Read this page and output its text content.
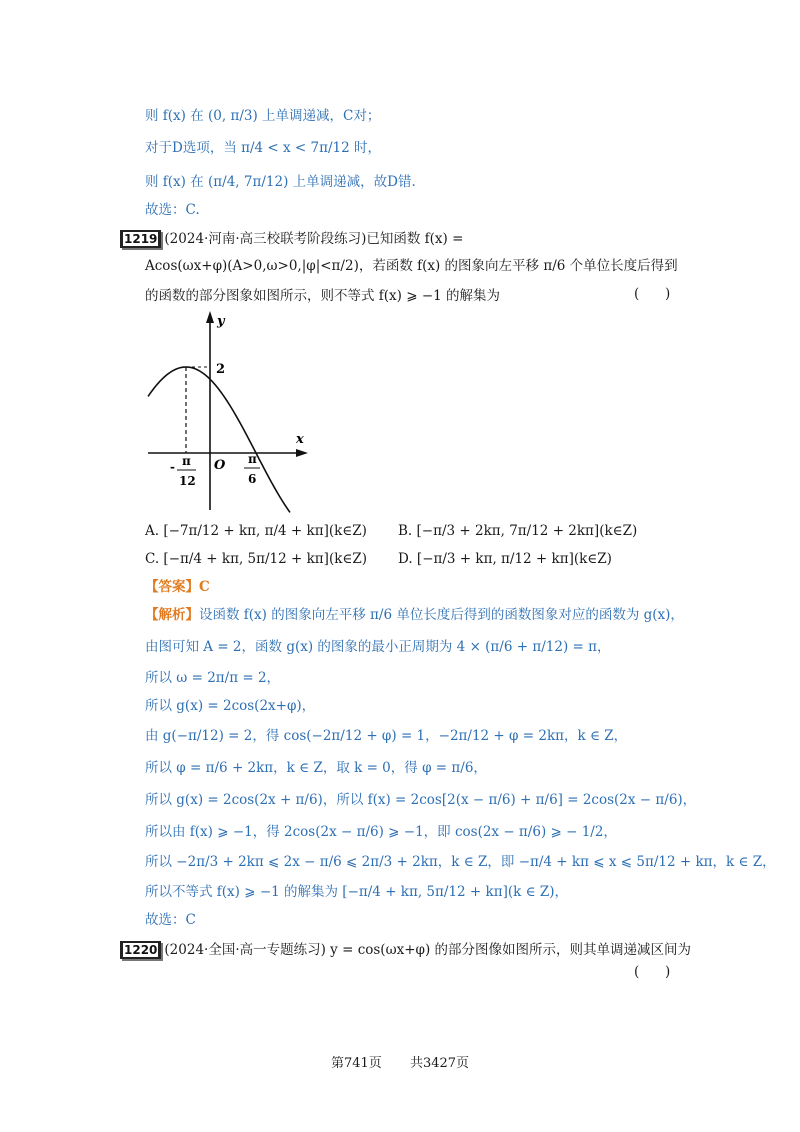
则 f(x) 在 (0, π/3) 上单调递减，C对；
对于D选项，当 π/4 < x < 7π/12 时，
则 f(x) 在 (π/4, 7π/12) 上单调递减，故D错.
故选：C.
1219 (2024·河南·高三校联考阶段练习)已知函数 f(x) =
Acos(ωx+φ)(A>0,ω>0,|φ|<π/2)，若函数 f(x) 的图象向左平移 π/6 个单位长度后得到
的函数的部分图象如图所示，则不等式 f(x) ⩾ −1 的解集为	(      )
y
x
2
O
- π
12
π
6
A. [−7π/12 + kπ, π/4 + kπ](k∈Z) B. [−π/3 + 2kπ, 7π/12 + 2kπ](k∈Z)
C. [−π/4 + kπ, 5π/12 + kπ](k∈Z) D. [−π/3 + kπ, π/12 + kπ](k∈Z)
【答案】C
【解析】设函数 f(x) 的图象向左平移 π/6 单位长度后得到的函数图象对应的函数为 g(x)，
由图可知 A = 2，函数 g(x) 的图象的最小正周期为 4 × (π/6 + π/12) = π，
所以 ω = 2π/π = 2，
所以 g(x) = 2cos(2x+φ)，
由 g(−π/12) = 2，得 cos(−2π/12 + φ) = 1，−2π/12 + φ = 2kπ，k ∈ Z，
所以 φ = π/6 + 2kπ，k ∈ Z，取 k = 0，得 φ = π/6，
所以 g(x) = 2cos(2x + π/6)，所以 f(x) = 2cos[2(x − π/6) + π/6] = 2cos(2x − π/6)，
所以由 f(x) ⩾ −1，得 2cos(2x − π/6) ⩾ −1，即 cos(2x − π/6) ⩾ − 1/2，
所以 −2π/3 + 2kπ ⩽ 2x − π/6 ⩽ 2π/3 + 2kπ，k ∈ Z，即 −π/4 + kπ ⩽ x ⩽ 5π/12 + kπ，k ∈ Z，
所以不等式 f(x) ⩾ −1 的解集为 [−π/4 + kπ, 5π/12 + kπ](k ∈ Z)，
故选：C
1220 (2024·全国·高一专题练习) y = cos(ωx+φ) 的部分图像如图所示，则其单调递减区间为
(      )
第741页 共3427页
